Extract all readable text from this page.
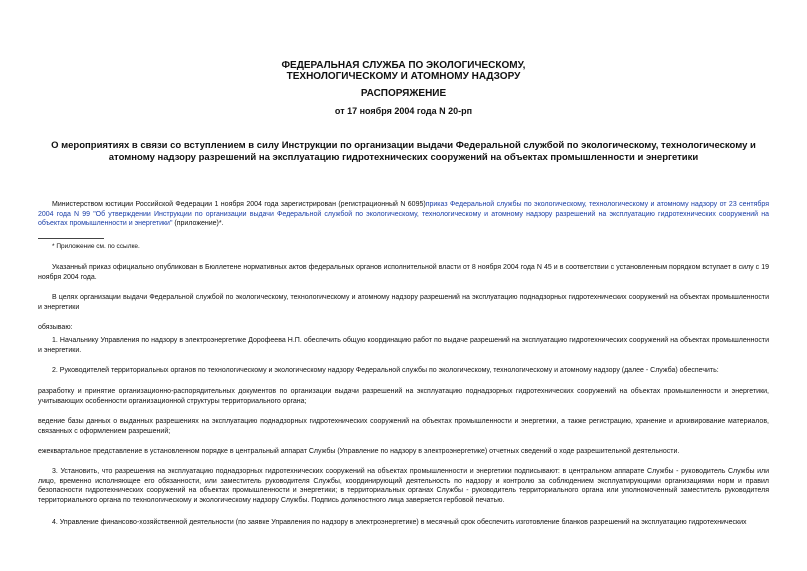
ФЕДЕРАЛЬНАЯ СЛУЖБА ПО ЭКОЛОГИЧЕСКОМУ,
ТЕХНОЛОГИЧЕСКОМУ И АТОМНОМУ НАДЗОРУ
РАСПОРЯЖЕНИЕ
от 17 ноября 2004 года N 20-рп
О мероприятиях в связи со вступлением в силу Инструкции по организации выдачи Федеральной службой по экологическому, технологическому и атомному надзору разрешений на эксплуатацию гидротехнических сооружений на объектах промышленности и энергетики
Министерством юстиции Российской Федерации 1 ноября 2004 года зарегистрирован (регистрационный N 6095)приказ Федеральной службы по экологическому, технологическому и атомному надзору от 23 сентября 2004 года N 99 "Об утверждении Инструкции по организации выдачи Федеральной службой по экологическому, технологическому и атомному надзору разрешений на эксплуатацию гидротехнических сооружений на объектах промышленности и энергетики" (приложение)*.
* Приложение см. по ссылке.
Указанный приказ официально опубликован в Бюллетене нормативных актов федеральных органов исполнительной власти от 8 ноября 2004 года N 45 и в соответствии с установленным порядком вступает в силу с 19 ноября 2004 года.
В целях организации выдачи Федеральной службой по экологическому, технологическому и атомному надзору разрешений на эксплуатацию поднадзорных гидротехнических сооружений на объектах промышленности и энергетики
обязываю:
1. Начальнику Управления по надзору в электроэнергетике Дорофеева Н.П. обеспечить общую координацию работ по выдаче разрешений на эксплуатацию гидротехнических сооружений на объектах промышленности и энергетики.
2. Руководителей территориальных органов по технологическому и экологическому надзору Федеральной службы по экологическому, технологическому и атомному надзору (далее - Служба) обеспечить:
разработку и принятие организационно-распорядительных документов по организации выдачи разрешений на эксплуатацию поднадзорных гидротехнических сооружений на объектах промышленности и энергетики, учитывающих особенности организационной структуры территориального органа;
ведение базы данных о выданных разрешениях на эксплуатацию поднадзорных гидротехнических сооружений на объектах промышленности и энергетики, а также регистрацию, хранение и архивирование материалов, связанных с оформлением разрешений;
ежеквартальное представление в установленном порядке в центральный аппарат Службы (Управление по надзору в электроэнергетике) отчетных сведений о ходе разрешительной деятельности.
3. Установить, что разрешения на эксплуатацию поднадзорных гидротехнических сооружений на объектах промышленности и энергетики подписывают: в центральном аппарате Службы - руководитель Службы или лицо, временно исполняющее его обязанности, или заместитель руководителя Службы, координирующий деятельность по надзору и контролю за соблюдением эксплуатирующими организациями норм и правил безопасности гидротехнических сооружений на объектах промышленности и энергетики; в территориальных органах Службы - руководитель территориального органа или уполномоченный заместитель руководителя территориального органа по технологическому и экологическому надзору Службы. Подпись должностного лица заверяется гербовой печатью.
4. Управление финансово-хозяйственной деятельности (по заявке Управления по надзору в электроэнергетике) в месячный срок обеспечить изготовление бланков разрешений на эксплуатацию гидротехнических
